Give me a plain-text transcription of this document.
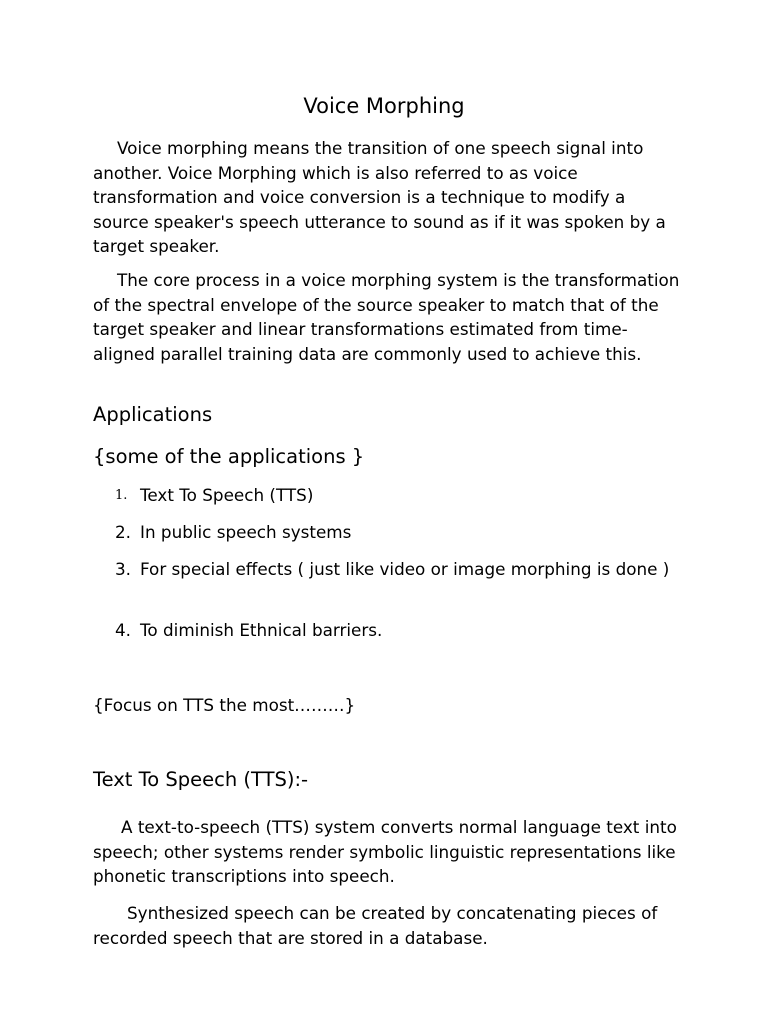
Voice Morphing

Voice morphing means the transition of one speech signal into another. Voice Morphing which is also referred to as voice transformation and voice conversion is a technique to modify a source speaker's speech utterance to sound as if it was spoken by a target speaker.

The core process in a voice morphing system is the transformation of the spectral envelope of the source speaker to match that of the target speaker and linear transformations estimated from time-aligned parallel training data are commonly used to achieve this.

Applications
{some of the applications }
1. Text To Speech (TTS)
2. In public speech systems
3. For special effects ( just like video or image morphing is done )
4. To diminish Ethnical barriers.
{Focus on TTS the most………}
Text To Speech (TTS):-

A text-to-speech (TTS) system converts normal language text into speech; other systems render symbolic linguistic representations like phonetic transcriptions into speech.

Synthesized speech can be created by concatenating pieces of recorded speech that are stored in a database.
